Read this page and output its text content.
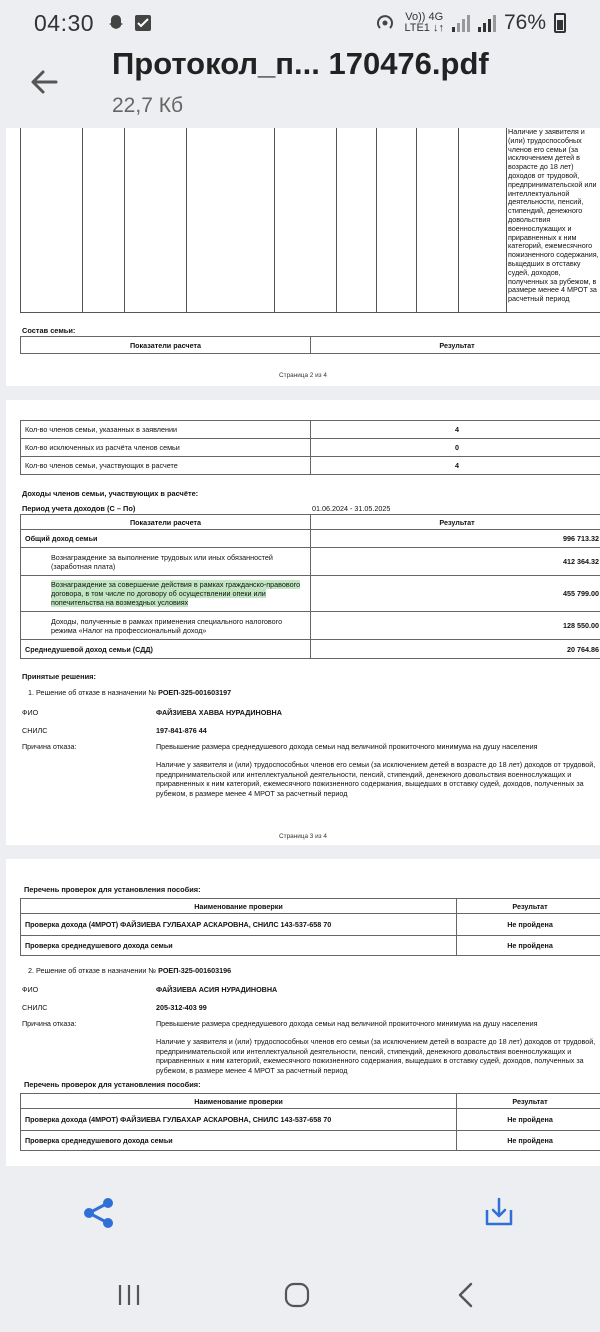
04:30	Vo)) 4G
LTE1 ↓↑	76%
Протокол_п... 170476.pdf
22,7 Кб
Наличие у заявителя и (или) трудоспособных членов его семьи (за исключением детей в возрасте до 18 лет) доходов от трудовой, предпринимательской или интеллектуальной деятельности, пенсий, стипендий, денежного довольствия военнослужащих и приравненных к ним категорий, ежемесячного пожизненного содержания, выщедших в отставку судей, доходов, полученных за рубежом, в размере менее 4 МРОТ за расчетный период
Состав семьи:
Показатели расчета	Результат
Страница 2 из 4
Кол-во членов семьи, указанных в заявлении	4
Кол-во исключенных из расчёта членов семьи	0
Кол-во членов семьи, участвующих в расчете	4
Доходы членов семьи, участвующих в расчёте:
Период учета доходов (С – По)	01.06.2024 - 31.05.2025
Показатели расчета	Результат
Общий доход семьи	996 713.32
Вознаграждение за выполнение трудовых или иных обязанностей (заработная плата)	412 364.32
Вознаграждение за совершение действия в рамках гражданско-правового договора, в том числе по договору об осуществлении опеки или попечительства на возмездных условиях	455 799.00
Доходы, полученные в рамках применения специального налогового режима «Налог на профессиональный доход»	128 550.00
Среднедушевой доход семьи (СДД)	20 764.86
Принятые решения:
1. Решение об отказе в назначении № РОЕП-325-001603197
ФИО	ФАЙЗИЕВА ХАВВА НУРАДИНОВНА
СНИЛС	197-841-876 44
Причина отказа:	Превышение размера среднедушевого дохода семьи над величиной прожиточного минимума на душу населения
Наличие у заявителя и (или) трудоспособных членов его семьи (за исключением детей в возрасте до 18 лет) доходов от трудовой, предпринимательской или интеллектуальной деятельности, пенсий, стипендий, денежного довольствия военнослужащих и приравненных к ним категорий, ежемесячного пожизненного содержания, выщедших в отставку судей, доходов, полученных за рубежом, в размере менее 4 МРОТ за расчетный период
Страница 3 из 4
Перечень проверок для установления пособия:
Наименование проверки	Результат
Проверка дохода (4МРОТ) ФАЙЗИЕВА ГУЛБАХАР АСКАРОВНА, СНИЛС 143-537-658 70	Не пройдена
Проверка среднедушевого дохода семьи	Не пройдена
2. Решение об отказе в назначении № РОЕП-325-001603196
ФИО	ФАЙЗИЕВА АСИЯ НУРАДИНОВНА
СНИЛС	205-312-403 99
Причина отказа:	Превышение размера среднедушевого дохода семьи над величиной прожиточного минимума на душу населения
Наличие у заявителя и (или) трудоспособных членов его семьи (за исключением детей в возрасте до 18 лет) доходов от трудовой, предпринимательской или интеллектуальной деятельности, пенсий, стипендий, денежного довольствия военнослужащих и приравненных к ним категорий, ежемесячного пожизненного содержания, выщедших в отставку судей, доходов, полученных за рубежом, в размере менее 4 МРОТ за расчетный период
Перечень проверок для установления пособия:
Наименование проверки	Результат
Проверка дохода (4МРОТ) ФАЙЗИЕВА ГУЛБАХАР АСКАРОВНА, СНИЛС 143-537-658 70	Не пройдена
Проверка среднедушевого дохода семьи	Не пройдена
